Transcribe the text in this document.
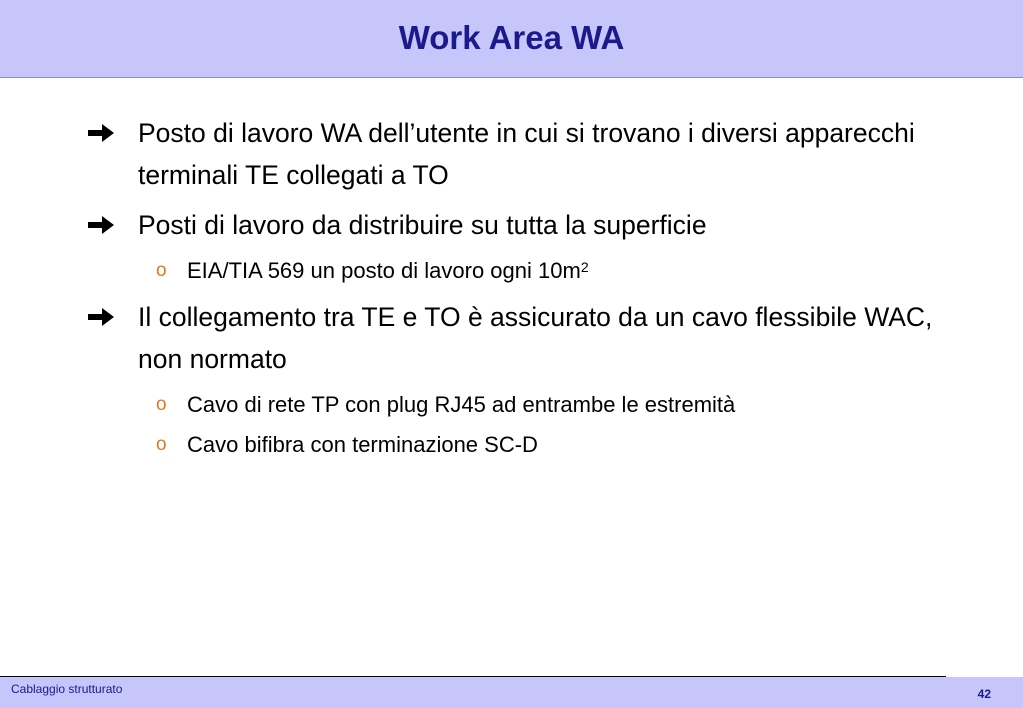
Work Area WA
Posto di lavoro WA dell’utente in cui si trovano i diversi apparecchi terminali TE collegati a TO
Posti di lavoro da distribuire su tutta la superficie
o EIA/TIA 569 un posto di lavoro ogni $10m^2$
Il collegamento tra TE e TO è assicurato da un cavo flessibile WAC, non normato
o Cavo di rete TP con plug RJ45 ad entrambe le estremità
o Cavo bifibra con terminazione SC-D
Cablaggio strutturato	42
